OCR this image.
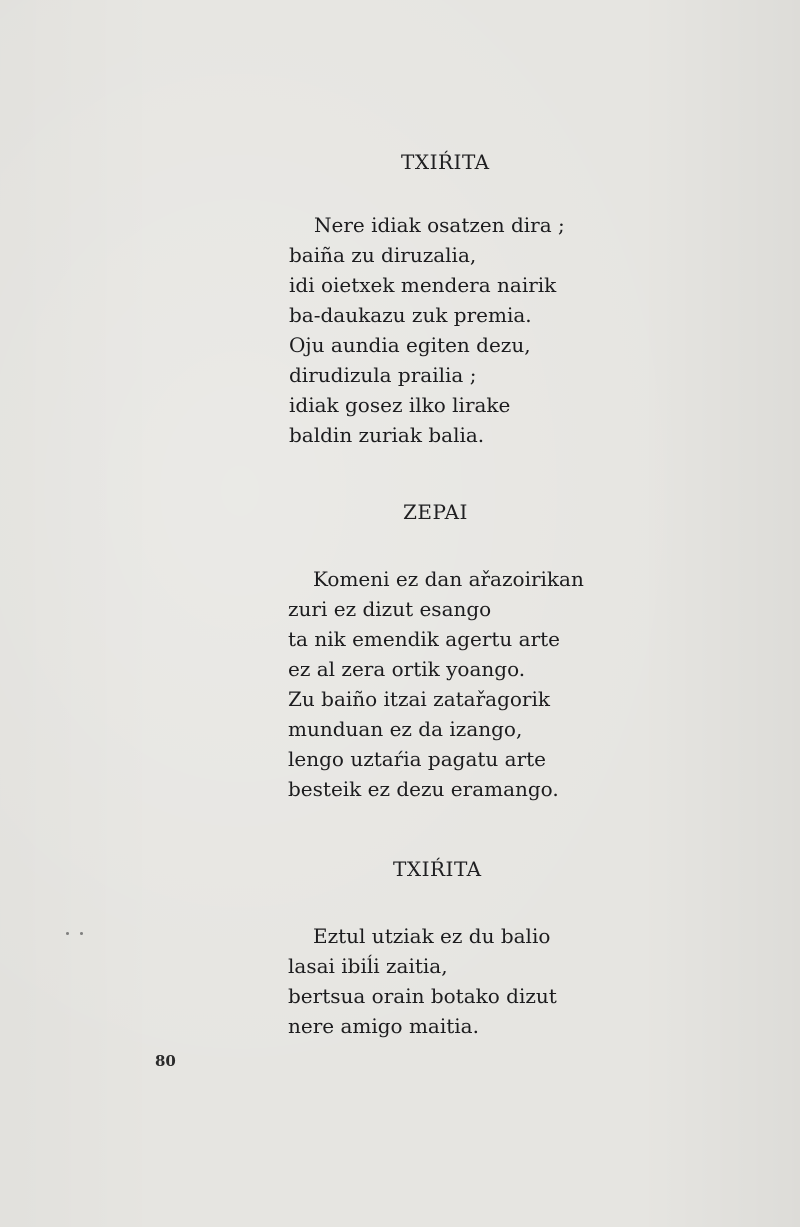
TXIŔITA
Nere idiak osatzen dira ;
baiña zu diruzalia,
idi oietxek mendera nairik
ba-daukazu zuk premia.
Oju aundia egiten dezu,
dirudizula prailia ;
idiak gosez ilko lirake
baldin zuriak balia.
ZEPAI
Komeni ez dan ařazoirikan
zuri ez dizut esango
ta nik emendik agertu arte
ez al zera ortik yoango.
Zu baiño itzai zatařagorik
munduan ez da izango,
lengo uztaŕia pagatu arte
besteik ez dezu eramango.
TXIŔITA
Eztul utziak ez du balio
lasai ibiĺi zaitia,
bertsua orain botako dizut
nere amigo maitia.
80
